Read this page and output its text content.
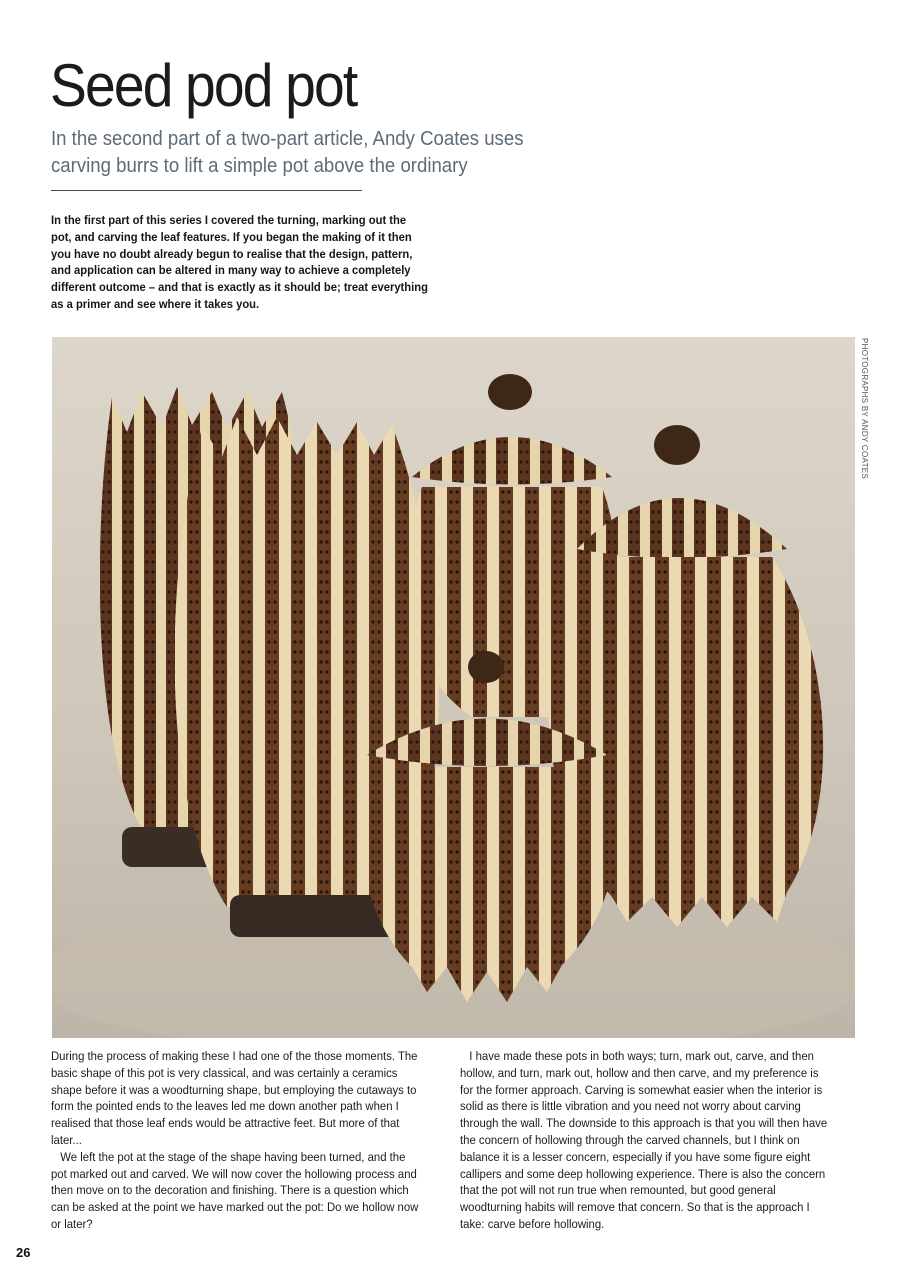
Seed pod pot

In the second part of a two-part article, Andy Coates uses carving burrs to lift a simple pot above the ordinary

In the first part of this series I covered the turning, marking out the pot, and carving the leaf features. If you began the making of it then you have no doubt already begun to realise that the design, pattern, and application can be altered in many way to achieve a completely different outcome – and that is exactly as it should be; treat everything as a primer and see where it takes you.

PHOTOGRAPHS BY ANDY COATES

During the process of making these I had one of the those moments. The basic shape of this pot is very classical, and was certainly a ceramics shape before it was a woodturning shape, but employing the cutaways to form the pointed ends to the leaves led me down another path when I realised that those leaf ends would be attractive feet. But more of that later...

We left the pot at the stage of the shape having been turned, and the pot marked out and carved. We will now cover the hollowing process and then move on to the decoration and finishing. There is a question which can be asked at the point we have marked out the pot: Do we hollow now or later?

I have made these pots in both ways; turn, mark out, carve, and then hollow, and turn, mark out, hollow and then carve, and my preference is for the former approach. Carving is somewhat easier when the interior is solid as there is little vibration and you need not worry about carving through the wall. The downside to this approach is that you will then have the concern of hollowing through the carved channels, but I think on balance it is a lesser concern, especially if you have some figure eight callipers and some deep hollowing experience. There is also the concern that the pot will not run true when remounted, but good general woodturning habits will remove that concern. So that is the approach I take: carve before hollowing.

26
